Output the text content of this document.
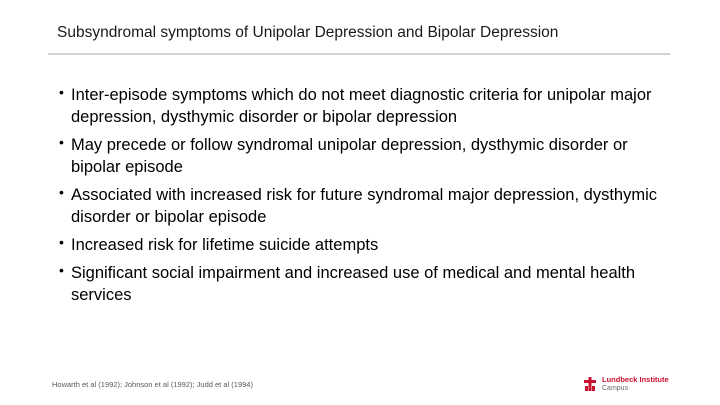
Subsyndromal symptoms of Unipolar Depression and Bipolar Depression
• Inter-episode symptoms which do not meet diagnostic criteria for unipolar major depression, dysthymic disorder or bipolar depression
• May precede or follow syndromal unipolar depression, dysthymic disorder or bipolar episode
• Associated with increased risk for future syndromal major depression, dysthymic disorder or bipolar episode
• Increased risk for lifetime suicide attempts
• Significant social impairment and increased use of medical and mental health services
Howarth et al (1992); Johnson et al (1992); Judd et al (1994)
Lundbeck Institute
Campus
